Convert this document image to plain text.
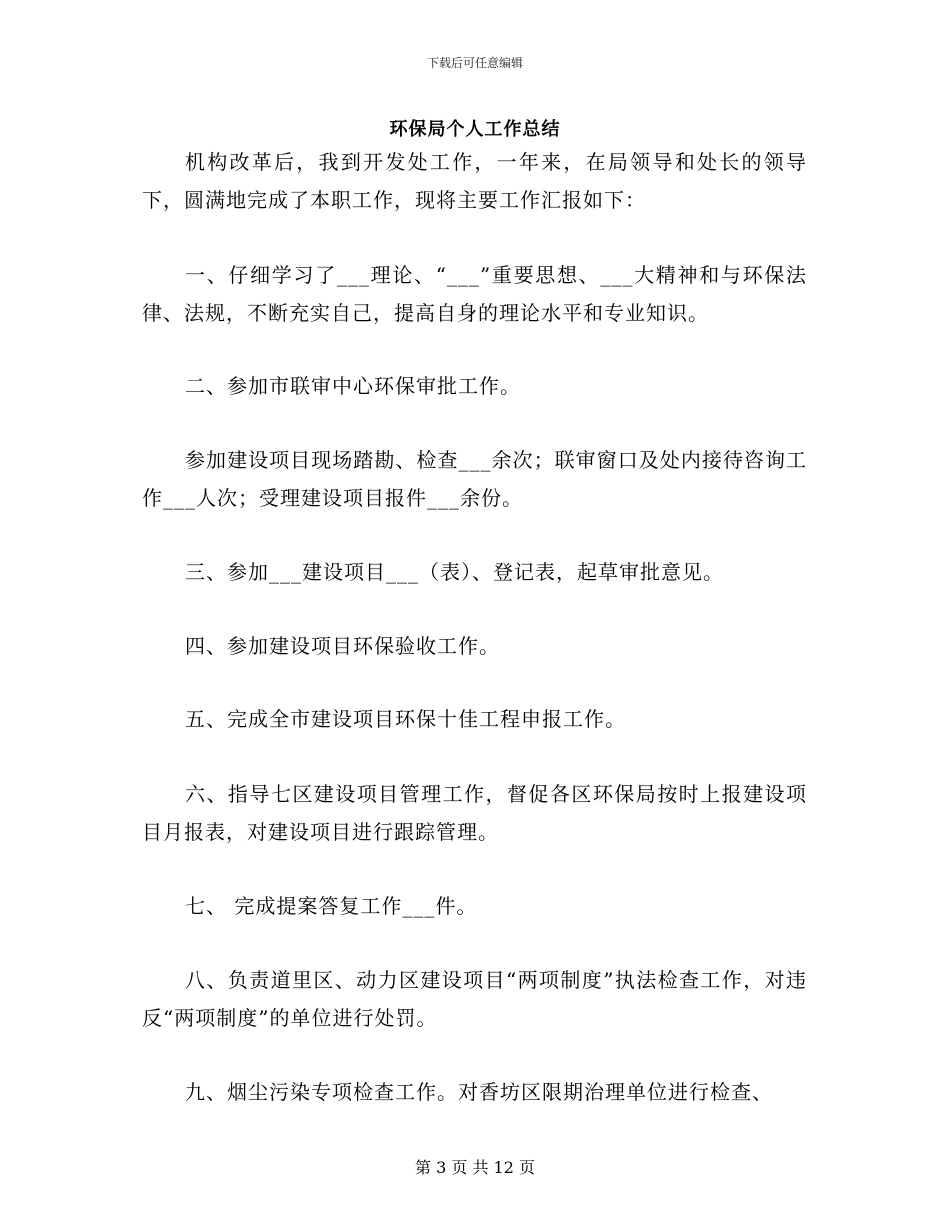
下载后可任意编辑
环保局个人工作总结

机构改革后，我到开发处工作，一年来，在局领导和处长的领导下，圆满地完成了本职工作，现将主要工作汇报如下：

一、仔细学习了___理论、“___”重要思想、___大精神和与环保法律、法规，不断充实自己，提高自身的理论水平和专业知识。

二、参加市联审中心环保审批工作。

参加建设项目现场踏勘、检查___余次；联审窗口及处内接待咨询工作___人次；受理建设项目报件___余份。

三、参加___建设项目___（表）、登记表，起草审批意见。

四、参加建设项目环保验收工作。

五、完成全市建设项目环保十佳工程申报工作。

六、指导七区建设项目管理工作，督促各区环保局按时上报建设项目月报表，对建设项目进行跟踪管理。

七、 完成提案答复工作___件。

八、负责道里区、动力区建设项目“两项制度”执法检查工作，对违反“两项制度”的单位进行处罚。

九、烟尘污染专项检查工作。对香坊区限期治理单位进行检查、

第 3 页 共 12 页
